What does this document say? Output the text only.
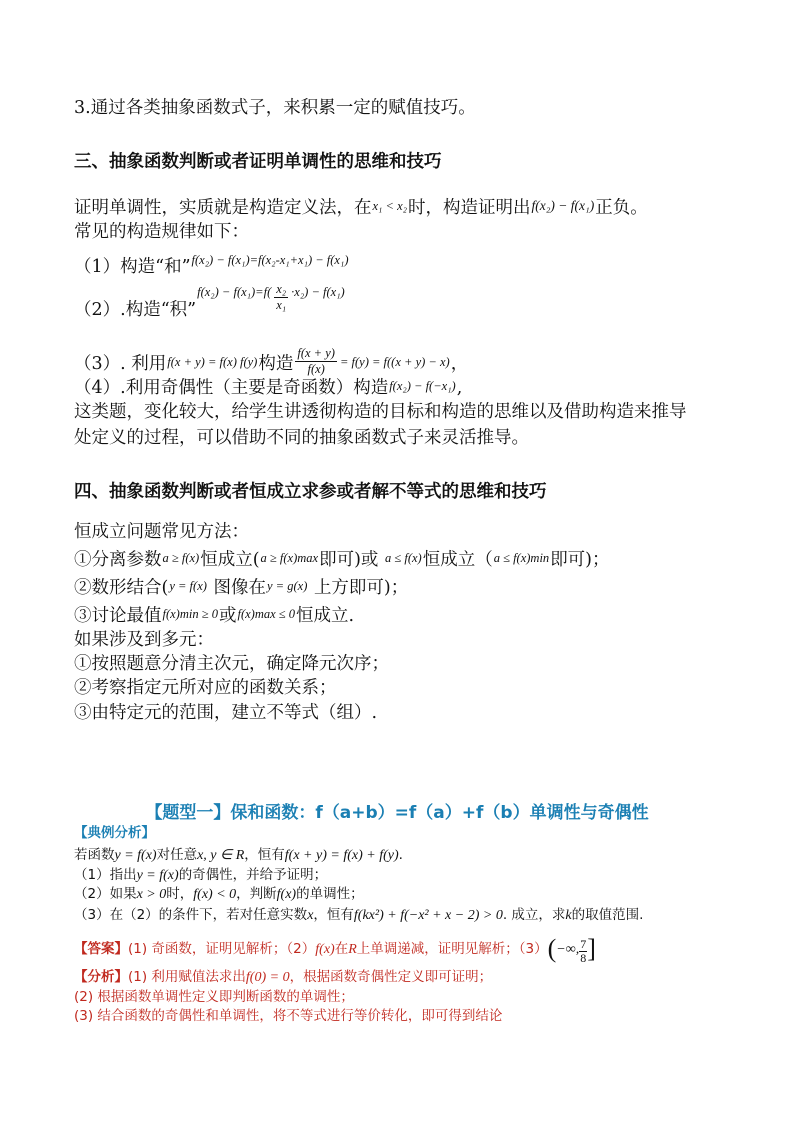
3.通过各类抽象函数式子，来积累一定的赋值技巧。
三、抽象函数判断或者证明单调性的思维和技巧
证明单调性，实质就是构造定义法，在x₁ < x₂时，构造证明出f(x₂) − f(x₁)正负。
常见的构造规律如下：
（1）构造“和”f(x₂) − f(x₁)=f(x₂-x₁+x₁) − f(x₁)
（2）.构造“积”f(x₂) − $f(x_1)=f( \frac{\text{x₂}}{\text{x₁}} \cdot x_2) - f(x_1)$
（3）. 利用f(x + y) = f(x) f(y)构造 $\frac{f(x + y)}{f(x)} = f(y) = f((x + y) - x)$，
（4）.利用奇偶性（主要是奇函数）构造f(x₂) − f(−x₁),
这类题，变化较大，给学生讲透彻构造的目标和构造的思维以及借助构造来推导
处定义的过程，可以借助不同的抽象函数式子来灵活推导。
四、抽象函数判断或者恒成立求参或者解不等式的思维和技巧
恒成立问题常见方法：
①分离参数a ≥ f(x)恒成立(a ≥ f(x)max即可)或 a ≤ f(x)恒成立（a ≤ f(x)min即可)；
②数形结合(y = f(x) 图像在y = g(x) 上方即可)；
③讨论最值f(x)min ≥ 0或f(x)max ≤ 0恒成立.
如果涉及到多元：
①按照题意分清主次元，确定降元次序；
②考察指定元所对应的函数关系；
③由特定元的范围，建立不等式（组）.
【题型一】保和函数：f（a+b）=f（a）+f（b）单调性与奇偶性
【典例分析】
若函数y = f(x)对任意x, y ∈ R，恒有f(x + y) = f(x) + f(y).
（1）指出y = f(x)的奇偶性，并给予证明；
（2）如果x > 0时，f(x) < 0，判断f(x)的单调性；
（3）在（2）的条件下，若对任意实数x，恒有f(kx²) + f(−x² + x − 2) > 0. 成立，求k的取值范围.
【答案】(1) 奇函数，证明见解析；（2）f(x)在R上单调递减，证明见解析；（3）(−∞, $\frac{7}{8}$]
【分析】(1) 利用赋值法求出f(0) = 0，根据函数奇偶性定义即可证明；
(2) 根据函数单调性定义即判断函数的单调性；
(3) 结合函数的奇偶性和单调性，将不等式进行等价转化，即可得到结论
